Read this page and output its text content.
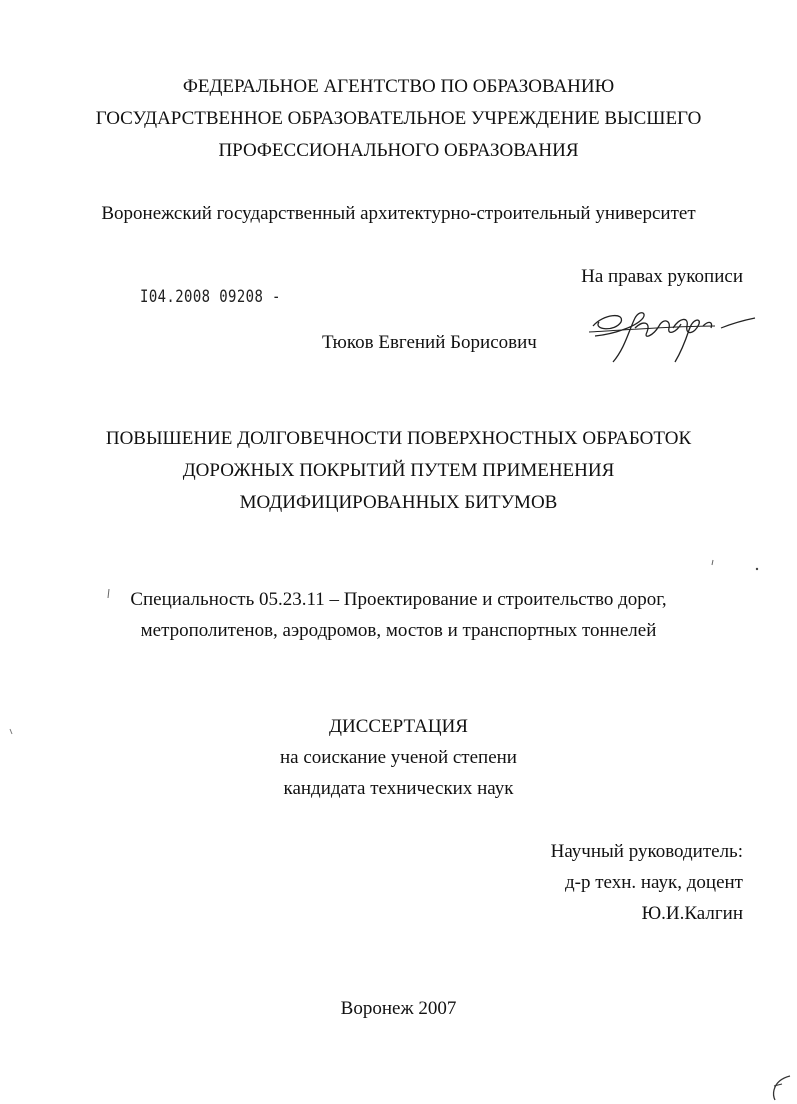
ФЕДЕРАЛЬНОЕ АГЕНТСТВО ПО ОБРАЗОВАНИЮ
ГОСУДАРСТВЕННОЕ ОБРАЗОВАТЕЛЬНОЕ УЧРЕЖДЕНИЕ ВЫСШЕГО
ПРОФЕССИОНАЛЬНОГО ОБРАЗОВАНИЯ
Воронежский государственный архитектурно-строительный университет
На правах рукописи
I04.2008 09208 ‑
Тюков Евгений Борисович
ПОВЫШЕНИЕ ДОЛГОВЕЧНОСТИ ПОВЕРХНОСТНЫХ ОБРАБОТОК
ДОРОЖНЫХ ПОКРЫТИЙ ПУТЕМ ПРИМЕНЕНИЯ
МОДИФИЦИРОВАННЫХ БИТУМОВ
Специальность 05.23.11 – Проектирование и строительство дорог,
метрополитенов, аэродромов, мостов и транспортных тоннелей
ДИССЕРТАЦИЯ
на соискание ученой степени
кандидата технических наук
Научный руководитель:
д-р техн. наук, доцент
Ю.И.Калгин
Воронеж 2007
